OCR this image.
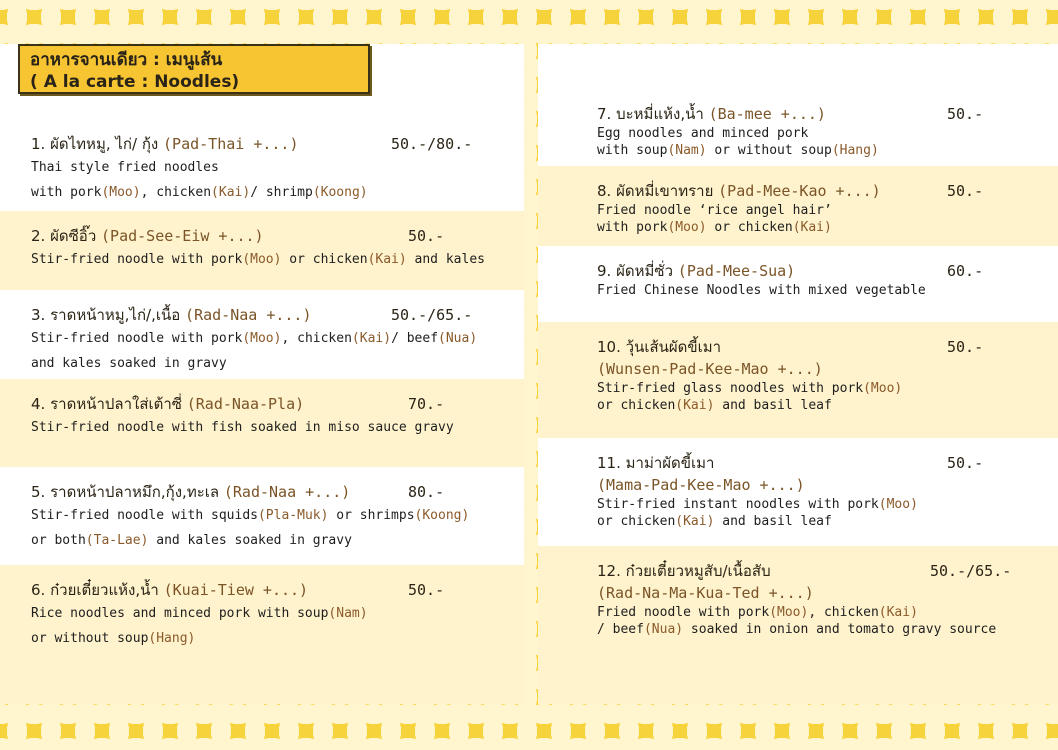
อาหารจานเดียว : เมนูเส้น
( A la carte : Noodles)
1. ผัดไทหมู, ไก่/ กุ้ง (Pad-Thai +...)	50.-/80.-
Thai style fried noodles
with pork(Moo), chicken(Kai)/ shrimp(Koong)
2. ผัดซีอิ๊ว (Pad-See-Eiw +...)	50.-
Stir-fried noodle with pork(Moo) or chicken(Kai) and kales
3. ราดหน้าหมู,ไก่/,เนื้อ (Rad-Naa +...)	50.-/65.-
Stir-fried noodle with pork(Moo), chicken(Kai)/ beef(Nua)
and kales soaked in gravy
4. ราดหน้าปลาใส่เต้าซี่ (Rad-Naa-Pla)	70.-
Stir-fried noodle with fish soaked in miso sauce gravy
5. ราดหน้าปลาหมึก,กุ้ง,ทะเล (Rad-Naa +...)	80.-
Stir-fried noodle with squids(Pla-Muk) or shrimps(Koong)
or both(Ta-Lae) and kales soaked in gravy
6. ก๋วยเตี๋ยวแห้ง,น้ำ (Kuai-Tiew +...)	50.-
Rice noodles and minced pork with soup(Nam)
or without soup(Hang)
7. บะหมี่แห้ง,น้ำ (Ba-mee +...)	50.-
Egg noodles and minced pork
with soup(Nam) or without soup(Hang)
8. ผัดหมี่เขาทราย (Pad-Mee-Kao +...)	50.-
Fried noodle ‘rice angel hair’
with pork(Moo) or chicken(Kai)
9. ผัดหมี่ซั่ว (Pad-Mee-Sua)	60.-
Fried Chinese Noodles with mixed vegetable
10. วุ้นเส้นผัดขี้เมา	50.-
(Wunsen-Pad-Kee-Mao +...)
Stir-fried glass noodles with pork(Moo)
or chicken(Kai) and basil leaf
11. มาม่าผัดขี้เมา	50.-
(Mama-Pad-Kee-Mao +...)
Stir-fried instant noodles with pork(Moo)
or chicken(Kai) and basil leaf
12. ก๋วยเตี๋ยวหมูสับ/เนื้อสับ	50.-/65.-
(Rad-Na-Ma-Kua-Ted +...)
Fried noodle with pork(Moo), chicken(Kai)
/ beef(Nua) soaked in onion and tomato gravy source
